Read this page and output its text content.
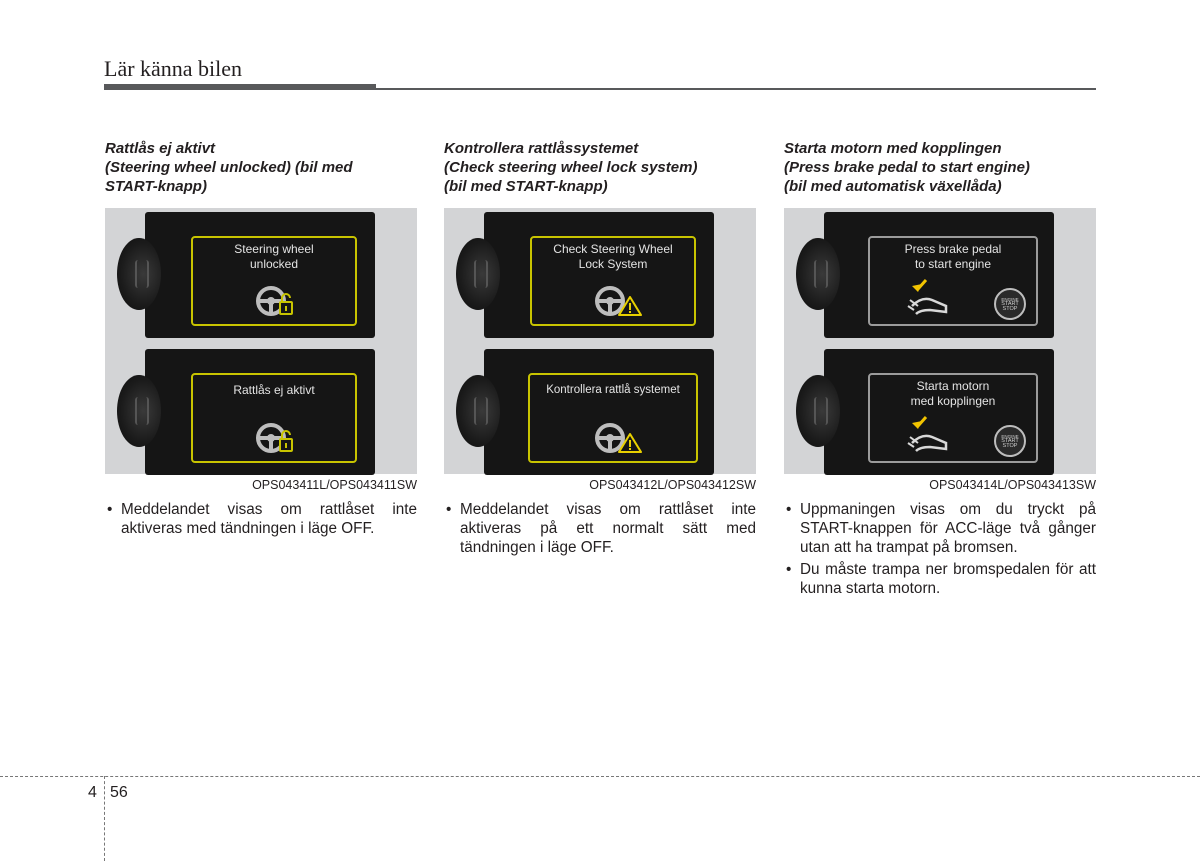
Lär känna bilen
Rattlås ej aktivt
(Steering wheel unlocked) (bil med
START-knapp)
Steering wheel
unlocked
Rattlås ej aktivt
OPS043411L/OPS043411SW
• Meddelandet visas om rattlåset inte aktiveras med tändningen i läge OFF.
Kontrollera rattlåssystemet
(Check steering wheel lock system)
(bil med START-knapp)
Check Steering Wheel
Lock System
Kontrollera rattlå systemet
OPS043412L/OPS043412SW
• Meddelandet visas om rattlåset inte aktiveras på ett normalt sätt med tändningen i läge OFF.
Starta motorn med kopplingen
(Press brake pedal to start engine)
(bil med automatisk växellåda)
Press brake pedal
to start engine
ENGINE
START
STOP
Starta motorn
med kopplingen
ENGINE
START
STOP
OPS043414L/OPS043413SW
• Uppmaningen visas om du tryckt på START-knappen för ACC-läge två gånger utan att ha trampat på bromsen.
• Du måste trampa ner bromspedalen för att kunna starta motorn.
4 56
